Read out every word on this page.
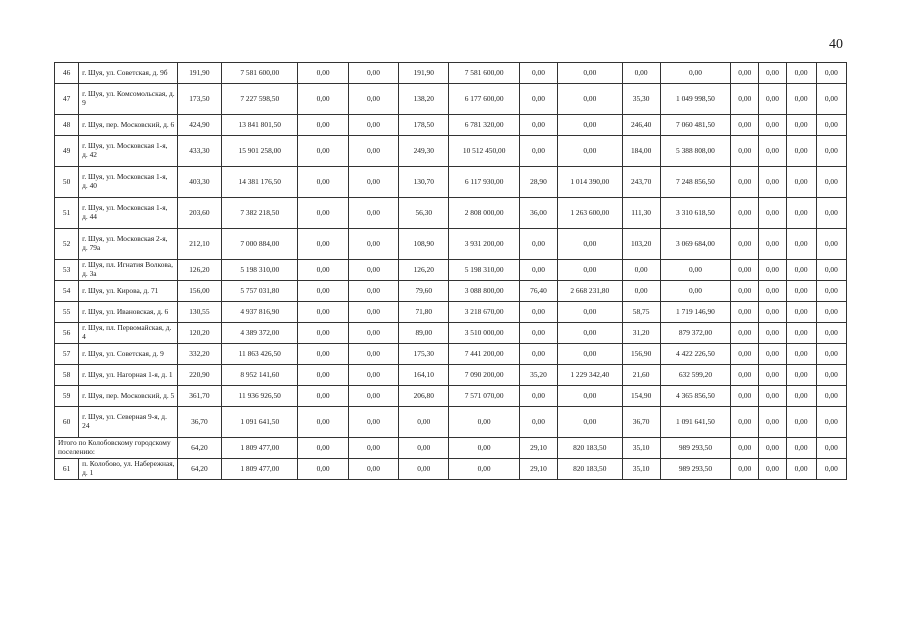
40
46	г. Шуя, ул. Советская, д. 9б	191,90	7 581 600,00	0,00	0,00	191,90	7 581 600,00	0,00	0,00	0,00	0,00	0,00	0,00	0,00	0,00
47	г. Шуя, ул. Комсомольская, д. 9	173,50	7 227 598,50	0,00	0,00	138,20	6 177 600,00	0,00	0,00	35,30	1 049 998,50	0,00	0,00	0,00	0,00
48	г. Шуя, пер. Московский, д. 6	424,90	13 841 801,50	0,00	0,00	178,50	6 781 320,00	0,00	0,00	246,40	7 060 481,50	0,00	0,00	0,00	0,00
49	г. Шуя, ул. Московская 1-я, д. 42	433,30	15 901 258,00	0,00	0,00	249,30	10 512 450,00	0,00	0,00	184,00	5 388 808,00	0,00	0,00	0,00	0,00
50	г. Шуя, ул. Московская 1-я, д. 40	403,30	14 381 176,50	0,00	0,00	130,70	6 117 930,00	28,90	1 014 390,00	243,70	7 248 856,50	0,00	0,00	0,00	0,00
51	г. Шуя, ул. Московская 1-я, д. 44	203,60	7 382 218,50	0,00	0,00	56,30	2 808 000,00	36,00	1 263 600,00	111,30	3 310 618,50	0,00	0,00	0,00	0,00
52	г. Шуя, ул. Московская 2-я, д. 79а	212,10	7 000 884,00	0,00	0,00	108,90	3 931 200,00	0,00	0,00	103,20	3 069 684,00	0,00	0,00	0,00	0,00
53	г. Шуя, пл. Игнатия Волкова, д. 3а	126,20	5 198 310,00	0,00	0,00	126,20	5 198 310,00	0,00	0,00	0,00	0,00	0,00	0,00	0,00	0,00
54	г. Шуя, ул. Кирова, д. 71	156,00	5 757 031,80	0,00	0,00	79,60	3 088 800,00	76,40	2 668 231,80	0,00	0,00	0,00	0,00	0,00	0,00
55	г. Шуя, ул. Ивановская, д. 6	130,55	4 937 816,90	0,00	0,00	71,80	3 218 670,00	0,00	0,00	58,75	1 719 146,90	0,00	0,00	0,00	0,00
56	г. Шуя, пл. Первомайская, д. 4	120,20	4 389 372,00	0,00	0,00	89,00	3 510 000,00	0,00	0,00	31,20	879 372,00	0,00	0,00	0,00	0,00
57	г. Шуя, ул. Советская, д. 9	332,20	11 863 426,50	0,00	0,00	175,30	7 441 200,00	0,00	0,00	156,90	4 422 226,50	0,00	0,00	0,00	0,00
58	г. Шуя, ул. Нагорная 1-я, д. 1	220,90	8 952 141,60	0,00	0,00	164,10	7 090 200,00	35,20	1 229 342,40	21,60	632 599,20	0,00	0,00	0,00	0,00
59	г. Шуя, пер. Московский, д. 5	361,70	11 936 926,50	0,00	0,00	206,80	7 571 070,00	0,00	0,00	154,90	4 365 856,50	0,00	0,00	0,00	0,00
60	г. Шуя, ул. Северная 9-я, д. 24	36,70	1 091 641,50	0,00	0,00	0,00	0,00	0,00	0,00	36,70	1 091 641,50	0,00	0,00	0,00	0,00
Итого по Колобовскому городскому поселению:		64,20	1 809 477,00	0,00	0,00	0,00	0,00	29,10	820 183,50	35,10	989 293,50	0,00	0,00	0,00	0,00
61	п. Колобово, ул. Набережная, д. 1	64,20	1 809 477,00	0,00	0,00	0,00	0,00	29,10	820 183,50	35,10	989 293,50	0,00	0,00	0,00	0,00
